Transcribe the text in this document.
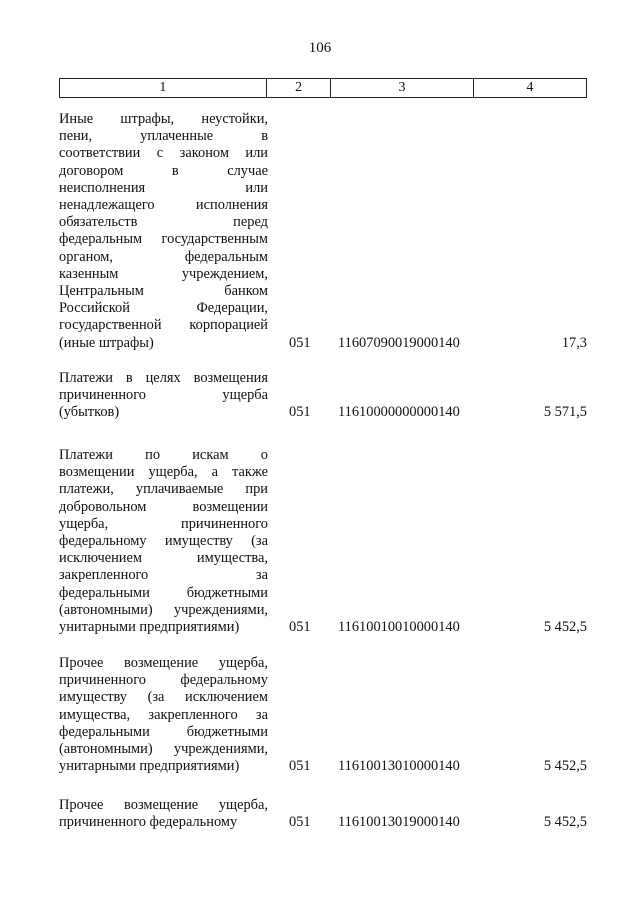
106
1	2	3	4
Иные штрафы, неустойки,
пени, уплаченные в
соответствии с законом или
договором в случае
неисполнения или
ненадлежащего исполнения
обязательств перед
федеральным государственным
органом, федеральным
казенным учреждением,
Центральным банком
Российской Федерации,
государственной корпорацией
(иные штрафы)	051 11607090019000140	17,3
Платежи в целях возмещения
причиненного ущерба
(убытков)	051 11610000000000140	5 571,5
Платежи по искам о
возмещении ущерба, а также
платежи, уплачиваемые при
добровольном возмещении
ущерба, причиненного
федеральному имуществу (за
исключением имущества,
закрепленного за
федеральными бюджетными
(автономными) учреждениями,
унитарными предприятиями)	051 11610010010000140	5 452,5
Прочее возмещение ущерба,
причиненного федеральному
имуществу (за исключением
имущества, закрепленного за
федеральными бюджетными
(автономными) учреждениями,
унитарными предприятиями)	051 11610013010000140	5 452,5
Прочее возмещение ущерба,
причиненного федеральному	051 11610013019000140	5 452,5
